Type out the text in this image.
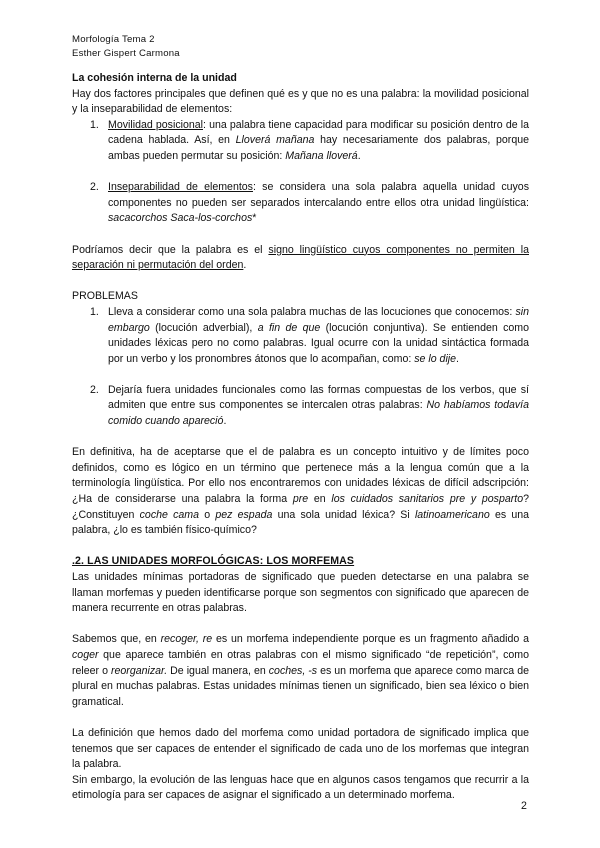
Morfología Tema 2
Esther Gispert Carmona

La cohesión interna de la unidad

Hay dos factores principales que definen qué es y que no es una palabra: la movilidad posicional y la inseparabilidad de elementos:

1. Movilidad posicional: una palabra tiene capacidad para modificar su posición dentro de la cadena hablada. Así, en Lloverá mañana hay necesariamente dos palabras, porque ambas pueden permutar su posición: Mañana lloverá.
2. Inseparabilidad de elementos: se considera una sola palabra aquella unidad cuyos componentes no pueden ser separados intercalando entre ellos otra unidad lingüística: sacacorchos Saca-los-corchos*

Podríamos decir que la palabra es el signo lingüístico cuyos componentes no permiten la separación ni permutación del orden.

PROBLEMAS

1. Lleva a considerar como una sola palabra muchas de las locuciones que conocemos: sin embargo (locución adverbial), a fin de que (locución conjuntiva). Se entienden como unidades léxicas pero no como palabras. Igual ocurre con la unidad sintáctica formada por un verbo y los pronombres átonos que lo acompañan, como: se lo dije.
2. Dejaría fuera unidades funcionales como las formas compuestas de los verbos, que sí admiten que entre sus componentes se intercalen otras palabras: No habíamos todavía comido cuando apareció.

En definitiva, ha de aceptarse que el de palabra es un concepto intuitivo y de límites poco definidos, como es lógico en un término que pertenece más a la lengua común que a la terminología lingüística. Por ello nos encontraremos con unidades léxicas de difícil adscripción: ¿Ha de considerarse una palabra la forma pre en los cuidados sanitarios pre y posparto? ¿Constituyen coche cama o pez espada una sola unidad léxica? Si latinoamericano es una palabra, ¿lo es también físico-químico?

.2. LAS UNIDADES MORFOLÓGICAS: LOS MORFEMAS

Las unidades mínimas portadoras de significado que pueden detectarse en una palabra se llaman morfemas y pueden identificarse porque son segmentos con significado que aparecen de manera recurrente en otras palabras.

Sabemos que, en recoger, re es un morfema independiente porque es un fragmento añadido a coger que aparece también en otras palabras con el mismo significado “de repetición”, como releer o reorganizar. De igual manera, en coches, -s es un morfema que aparece como marca de plural en muchas palabras. Estas unidades mínimas tienen un significado, bien sea léxico o bien gramatical.

La definición que hemos dado del morfema como unidad portadora de significado implica que tenemos que ser capaces de entender el significado de cada uno de los morfemas que integran la palabra.

Sin embargo, la evolución de las lenguas hace que en algunos casos tengamos que recurrir a la etimología para ser capaces de asignar el significado a un determinado morfema.

2
